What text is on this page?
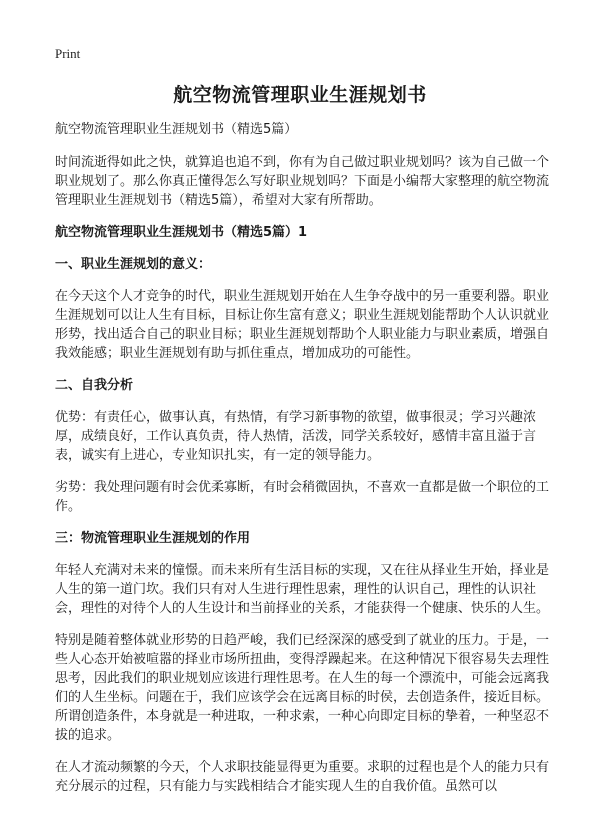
Print
航空物流管理职业生涯规划书

航空物流管理职业生涯规划书（精选5篇）

时间流逝得如此之快，就算追也追不到，你有为自己做过职业规划吗？该为自己做一个职业规划了。那么你真正懂得怎么写好职业规划吗？下面是小编帮大家整理的航空物流管理职业生涯规划书（精选5篇），希望对大家有所帮助。

航空物流管理职业生涯规划书（精选5篇）1
一、职业生涯规划的意义：

在今天这个人才竞争的时代，职业生涯规划开始在人生争夺战中的另一重要利器。职业生涯规划可以让人生有目标，目标让你生富有意义；职业生涯规划能帮助个人认识就业形势，找出适合自己的职业目标；职业生涯规划帮助个人职业能力与职业素质，增强自我效能感；职业生涯规划有助与抓住重点，增加成功的可能性。

二、自我分析

优势：有责任心，做事认真，有热情，有学习新事物的欲望，做事很灵；学习兴趣浓厚，成绩良好，工作认真负责，待人热情，活泼，同学关系较好，感情丰富且溢于言表，诚实有上进心，专业知识扎实，有一定的领导能力。

劣势：我处理问题有时会优柔寡断，有时会稍微固执，不喜欢一直都是做一个职位的工作。

三：物流管理职业生涯规划的作用

年轻人充满对未来的憧憬。而未来所有生活目标的实现，又在往从择业生开始，择业是人生的第一道门坎。我们只有对人生进行理性思索，理性的认识自己，理性的认识社会，理性的对待个人的人生设计和当前择业的关系，才能获得一个健康、快乐的人生。

特别是随着整体就业形势的日趋严峻，我们已经深深的感受到了就业的压力。于是，一些人心态开始被喧嚣的择业市场所扭曲，变得浮躁起来。在这种情况下很容易失去理性思考，因此我们的职业规划应该进行理性思考。在人生的每一个漂流中，可能会远离我们的人生坐标。问题在于，我们应该学会在远离目标的时侯，去创造条件，接近目标。所谓创造条件，本身就是一种进取，一种求索，一种心向即定目标的挚着，一种坚忍不拔的追求。

在人才流动频繁的今天，个人求职技能显得更为重要。求职的过程也是个人的能力只有充分展示的过程，只有能力与实践相结合才能实现人生的自我价值。虽然可以
